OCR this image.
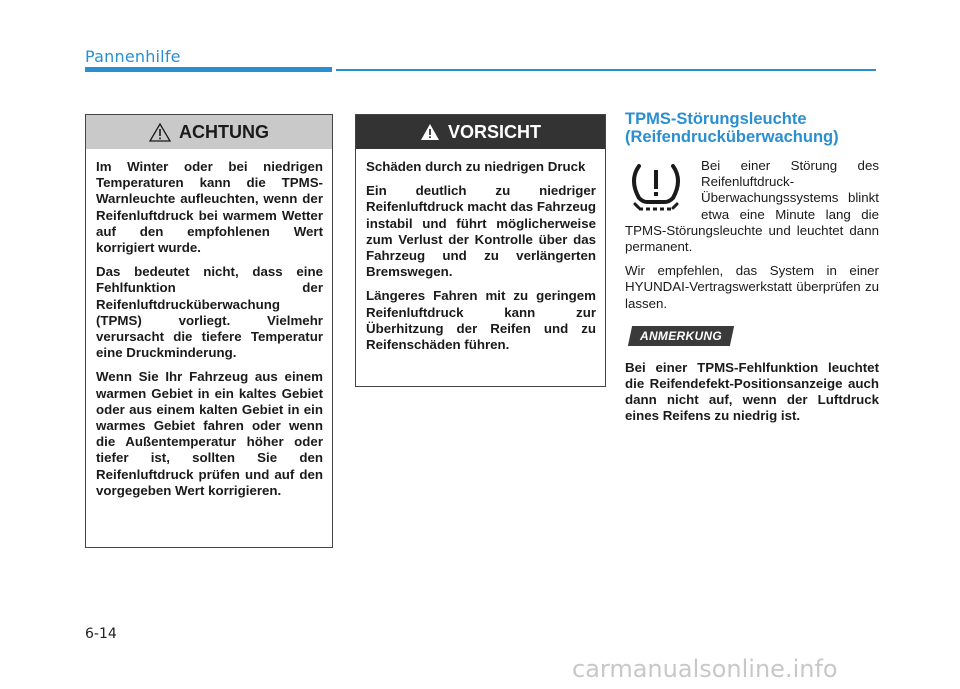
Pannenhilfe
ACHTUNG

Im Winter oder bei niedrigen Temperaturen kann die TPMS-Warnleuchte aufleuchten, wenn der Reifenluftdruck bei warmem Wetter auf den empfohlenen Wert korrigiert wurde.

Das bedeutet nicht, dass eine Fehlfunktion der Reifenluftdrucküberwachung (TPMS) vorliegt. Vielmehr verursacht die tiefere Temperatur eine Druckminderung.

Wenn Sie Ihr Fahrzeug aus einem warmen Gebiet in ein kaltes Gebiet oder aus einem kalten Gebiet in ein warmes Gebiet fahren oder wenn die Außentemperatur höher oder tiefer ist, sollten Sie den Reifenluftdruck prüfen und auf den vorgegeben Wert korrigieren.

VORSICHT

Schäden durch zu niedrigen Druck

Ein deutlich zu niedriger Reifenluftdruck macht das Fahrzeug instabil und führt möglicherweise zum Verlust der Kontrolle über das Fahrzeug und zu verlängerten Bremswegen.

Längeres Fahren mit zu geringem Reifenluftdruck kann zur Überhitzung der Reifen und zu Reifenschäden führen.

TPMS-Störungsleuchte (Reifendrucküberwachung)

Bei einer Störung des Reifenluftdruck-Überwachungssystems blinkt etwa eine Minute lang die TPMS-Störungsleuchte und leuchtet dann permanent.

Wir empfehlen, das System in einer HYUNDAI-Vertragswerkstatt überprüfen zu lassen.

ANMERKUNG

Bei einer TPMS-Fehlfunktion leuchtet die Reifendefekt-Positionsanzeige auch dann nicht auf, wenn der Luftdruck eines Reifens zu niedrig ist.

6-14
carmanualsonline.info
